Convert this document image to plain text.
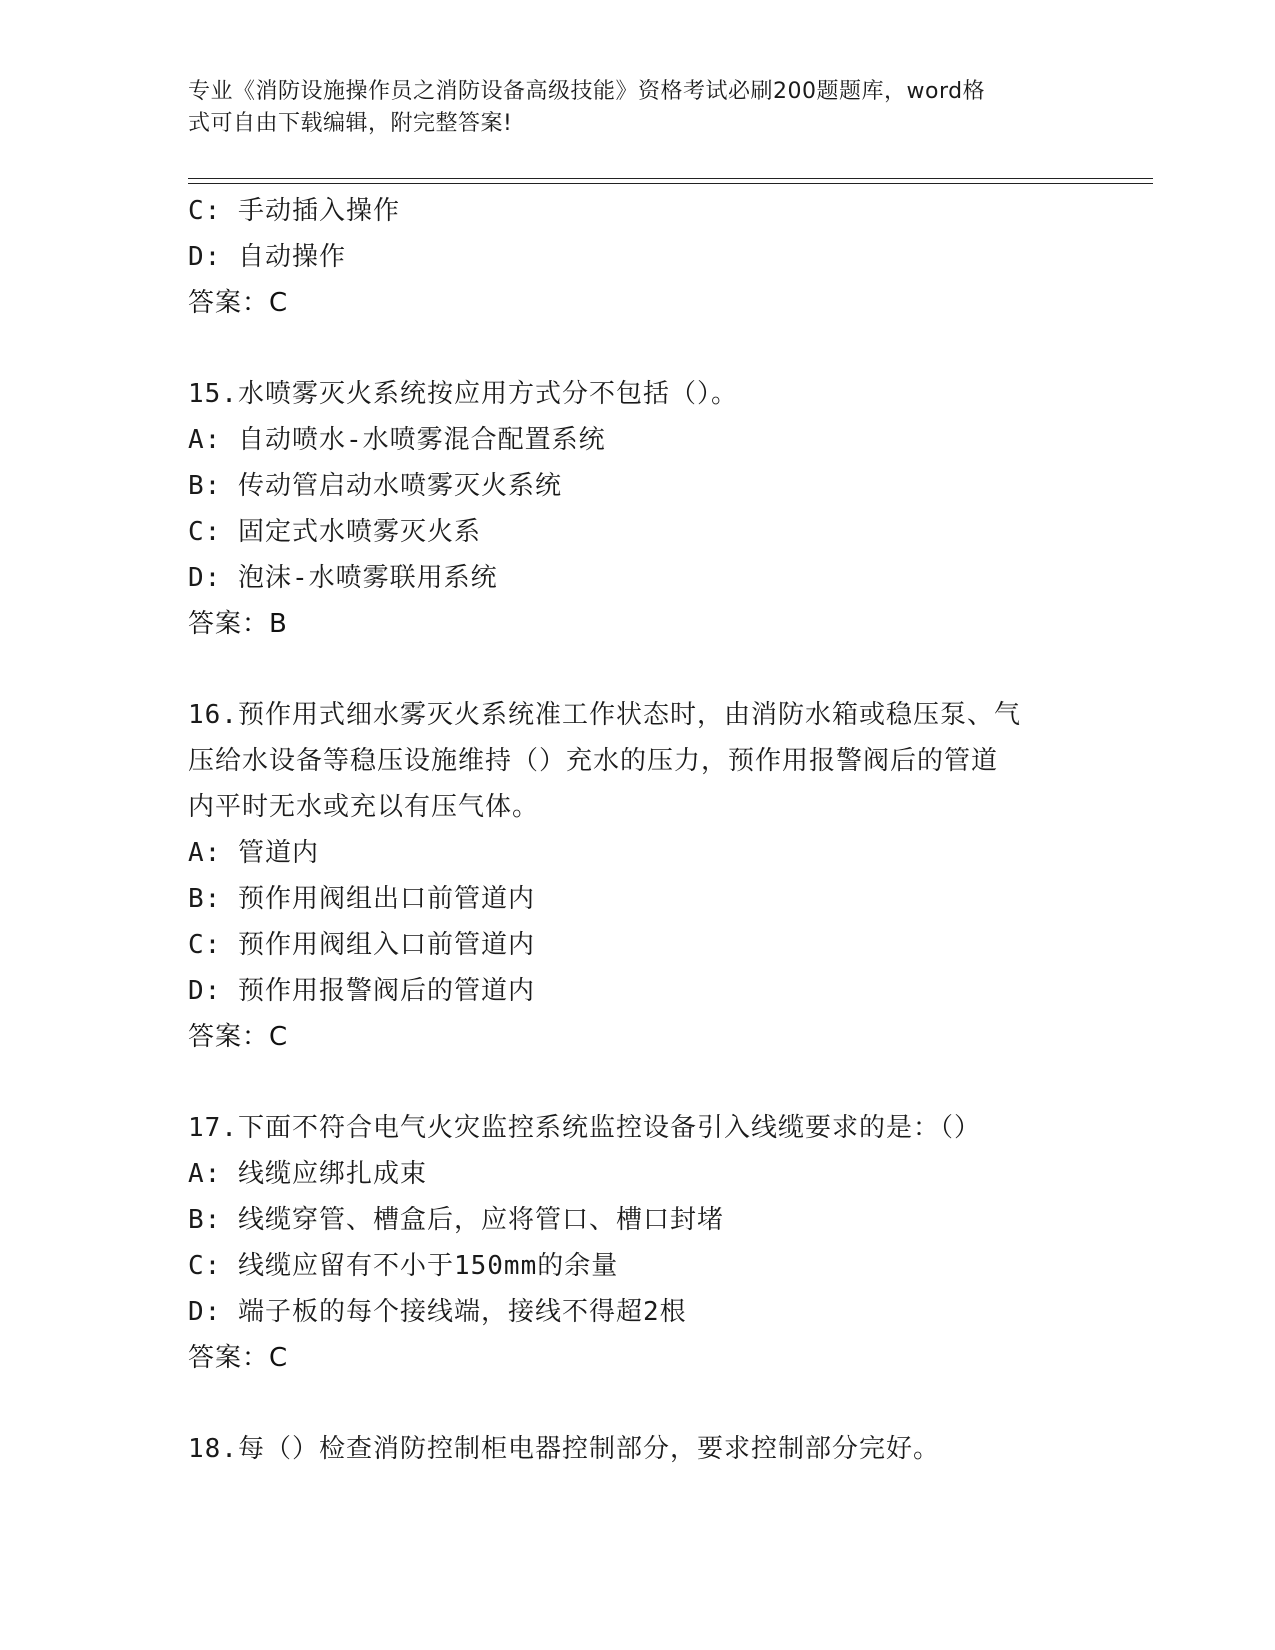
专业《消防设施操作员之消防设备高级技能》资格考试必刷200题题库，word格
式可自由下载编辑，附完整答案!
C: 手动插入操作
D: 自动操作
答案：C
15.水喷雾灭火系统按应用方式分不包括（）。
A: 自动喷水-水喷雾混合配置系统
B: 传动管启动水喷雾灭火系统
C: 固定式水喷雾灭火系
D: 泡沫-水喷雾联用系统
答案：B
16.预作用式细水雾灭火系统准工作状态时，由消防水箱或稳压泵、气
压给水设备等稳压设施维持（）充水的压力，预作用报警阀后的管道
内平时无水或充以有压气体。
A: 管道内
B: 预作用阀组出口前管道内
C: 预作用阀组入口前管道内
D: 预作用报警阀后的管道内
答案：C
17.下面不符合电气火灾监控系统监控设备引入线缆要求的是：（）
A: 线缆应绑扎成束
B: 线缆穿管、槽盒后，应将管口、槽口封堵
C: 线缆应留有不小于150mm的余量
D: 端子板的每个接线端，接线不得超2根
答案：C
18.每（）检查消防控制柜电器控制部分，要求控制部分完好。
